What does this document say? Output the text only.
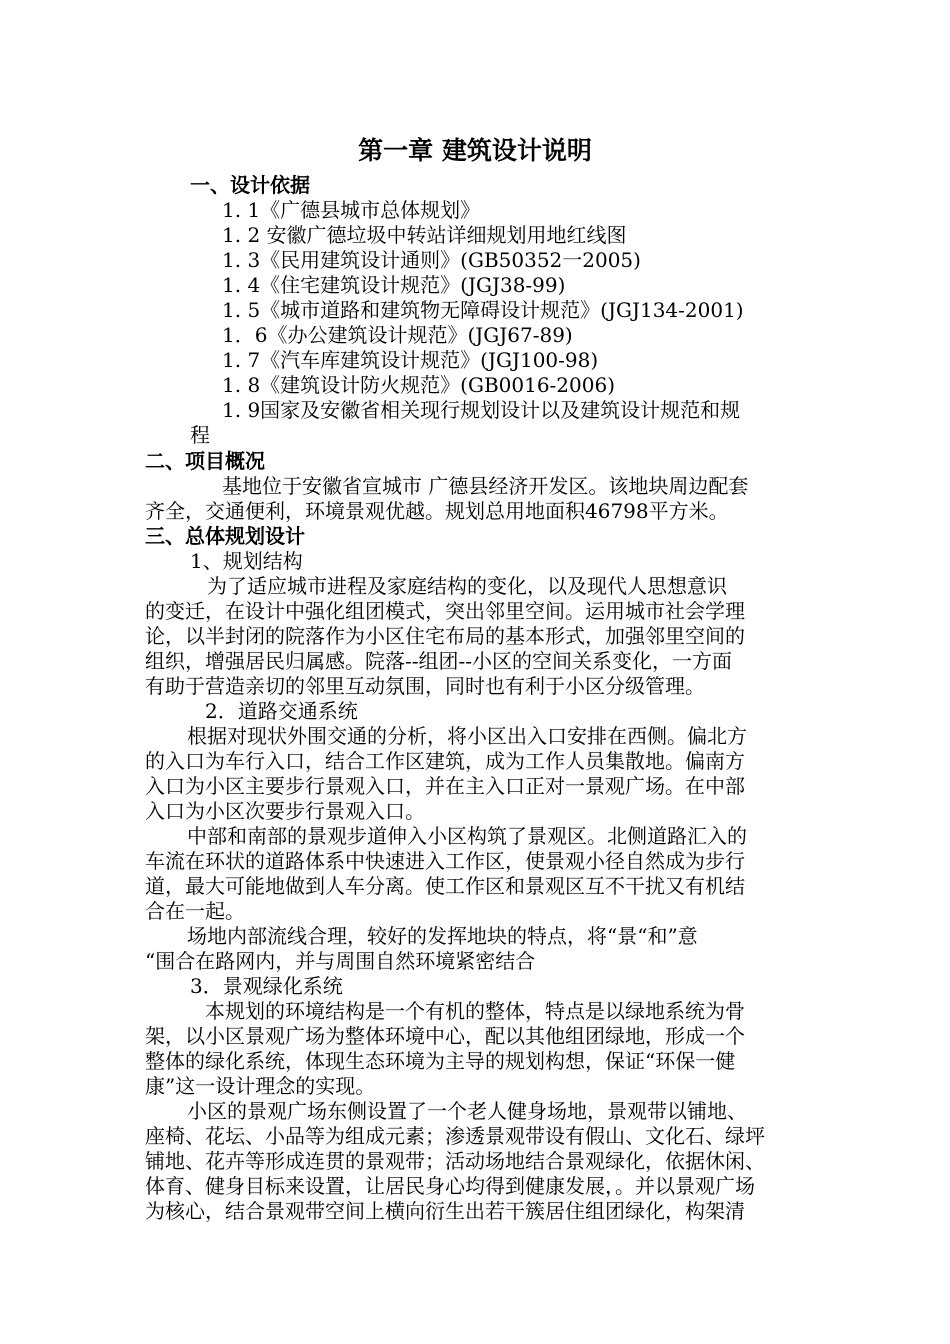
第一章 建筑设计说明
一、设计依据
1. 1《广德县城市总体规划》
1. 2 安徽广德垃圾中转站详细规划用地红线图
1. 3《民用建筑设计通则》(GB50352一2005)
1. 4《住宅建筑设计规范》(JGJ38-99)
1. 5《城市道路和建筑物无障碍设计规范》(JGJ134-2001)
1．6《办公建筑设计规范》(JGJ67-89)
1. 7《汽车库建筑设计规范》(JGJ100-98)
1. 8《建筑设计防火规范》(GB0016-2006)
1. 9国家及安徽省相关现行规划设计以及建筑设计规范和规
程
二、项目概况
基地位于安徽省宣城市 广德县经济开发区。该地块周边配套
齐全，交通便利，环境景观优越。规划总用地面积46798平方米。
三、总体规划设计
1、规划结构
为了适应城市进程及家庭结构的变化，以及现代人思想意识
的变迁，在设计中强化组团模式，突出邻里空间。运用城市社会学理
论，以半封闭的院落作为小区住宅布局的基本形式，加强邻里空间的
组织，增强居民归属感。院落--组团--小区的空间关系变化，一方面
有助于营造亲切的邻里互动氛围，同时也有利于小区分级管理。
2．道路交通系统
根据对现状外围交通的分析，将小区出入口安排在西侧。偏北方
的入口为车行入口，结合工作区建筑，成为工作人员集散地。偏南方
入口为小区主要步行景观入口，并在主入口正对一景观广场。在中部
入口为小区次要步行景观入口。
中部和南部的景观步道伸入小区构筑了景观区。北侧道路汇入的
车流在环状的道路体系中快速进入工作区，使景观小径自然成为步行
道，最大可能地做到人车分离。使工作区和景观区互不干扰又有机结
合在一起。
场地内部流线合理，较好的发挥地块的特点，将“景“和”意
“围合在路网内，并与周围自然环境紧密结合
3．景观绿化系统
本规划的环境结构是一个有机的整体，特点是以绿地系统为骨
架，以小区景观广场为整体环境中心，配以其他组团绿地，形成一个
整体的绿化系统，体现生态环境为主导的规划构想，保证“环保一健
康”这一设计理念的实现。
小区的景观广场东侧设置了一个老人健身场地，景观带以铺地、
座椅、花坛、小品等为组成元素；渗透景观带设有假山、文化石、绿坪
铺地、花卉等形成连贯的景观带；活动场地结合景观绿化，依据休闲、
体育、健身目标来设置，让居民身心均得到健康发展，。并以景观广场
为核心，结合景观带空间上横向衍生出若干簇居住组团绿化，构架清
